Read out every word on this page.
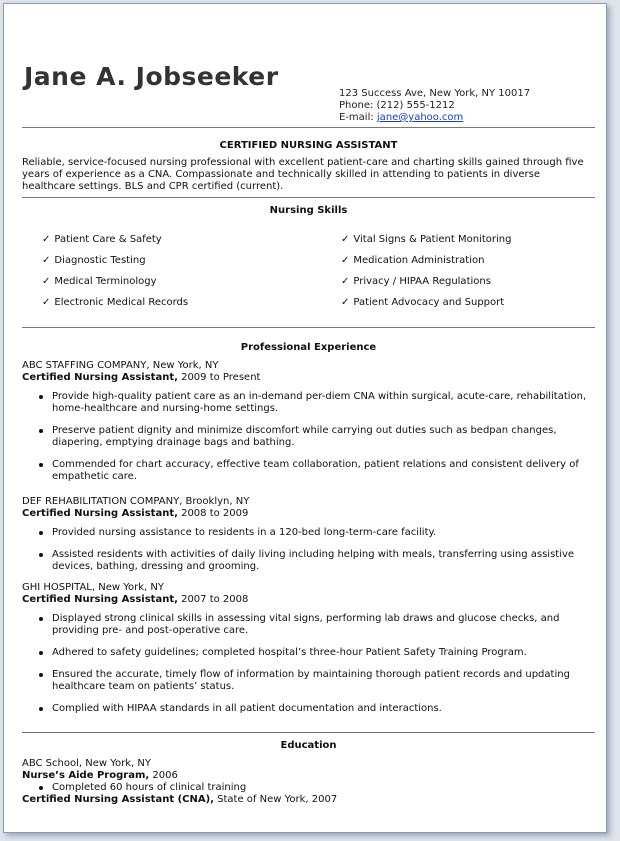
Jane A. Jobseeker
123 Success Ave, New York, NY 10017
Phone: (212) 555-1212
E-mail: jane@yahoo.com
CERTIFIED NURSING ASSISTANT

Reliable, service-focused nursing professional with excellent patient-care and charting skills gained through five years of experience as a CNA. Compassionate and technically skilled in attending to patients in diverse healthcare settings. BLS and CPR certified (current).

Nursing Skills
✓ Patient Care & Safety
✓ Diagnostic Testing
✓ Medical Terminology
✓ Electronic Medical Records
✓ Vital Signs & Patient Monitoring
✓ Medication Administration
✓ Privacy / HIPAA Regulations
✓ Patient Advocacy and Support
Professional Experience

ABC STAFFING COMPANY, New York, NY

Certified Nursing Assistant, 2009 to Present

Provide high-quality patient care as an in-demand per-diem CNA within surgical, acute-care, rehabilitation, home-healthcare and nursing-home settings.
Preserve patient dignity and minimize discomfort while carrying out duties such as bedpan changes, diapering, emptying drainage bags and bathing.
Commended for chart accuracy, effective team collaboration, patient relations and consistent delivery of empathetic care.

DEF REHABILITATION COMPANY, Brooklyn, NY

Certified Nursing Assistant, 2008 to 2009

Provided nursing assistance to residents in a 120-bed long-term-care facility.
Assisted residents with activities of daily living including helping with meals, transferring using assistive devices, bathing, dressing and grooming.

GHI HOSPITAL, New York, NY

Certified Nursing Assistant, 2007 to 2008

Displayed strong clinical skills in assessing vital signs, performing lab draws and glucose checks, and providing pre- and post-operative care.
Adhered to safety guidelines; completed hospital’s three-hour Patient Safety Training Program.
Ensured the accurate, timely flow of information by maintaining thorough patient records and updating healthcare team on patients’ status.
Complied with HIPAA standards in all patient documentation and interactions.
Education

ABC School, New York, NY

Nurse’s Aide Program, 2006

Completed 60 hours of clinical training

Certified Nursing Assistant (CNA), State of New York, 2007
